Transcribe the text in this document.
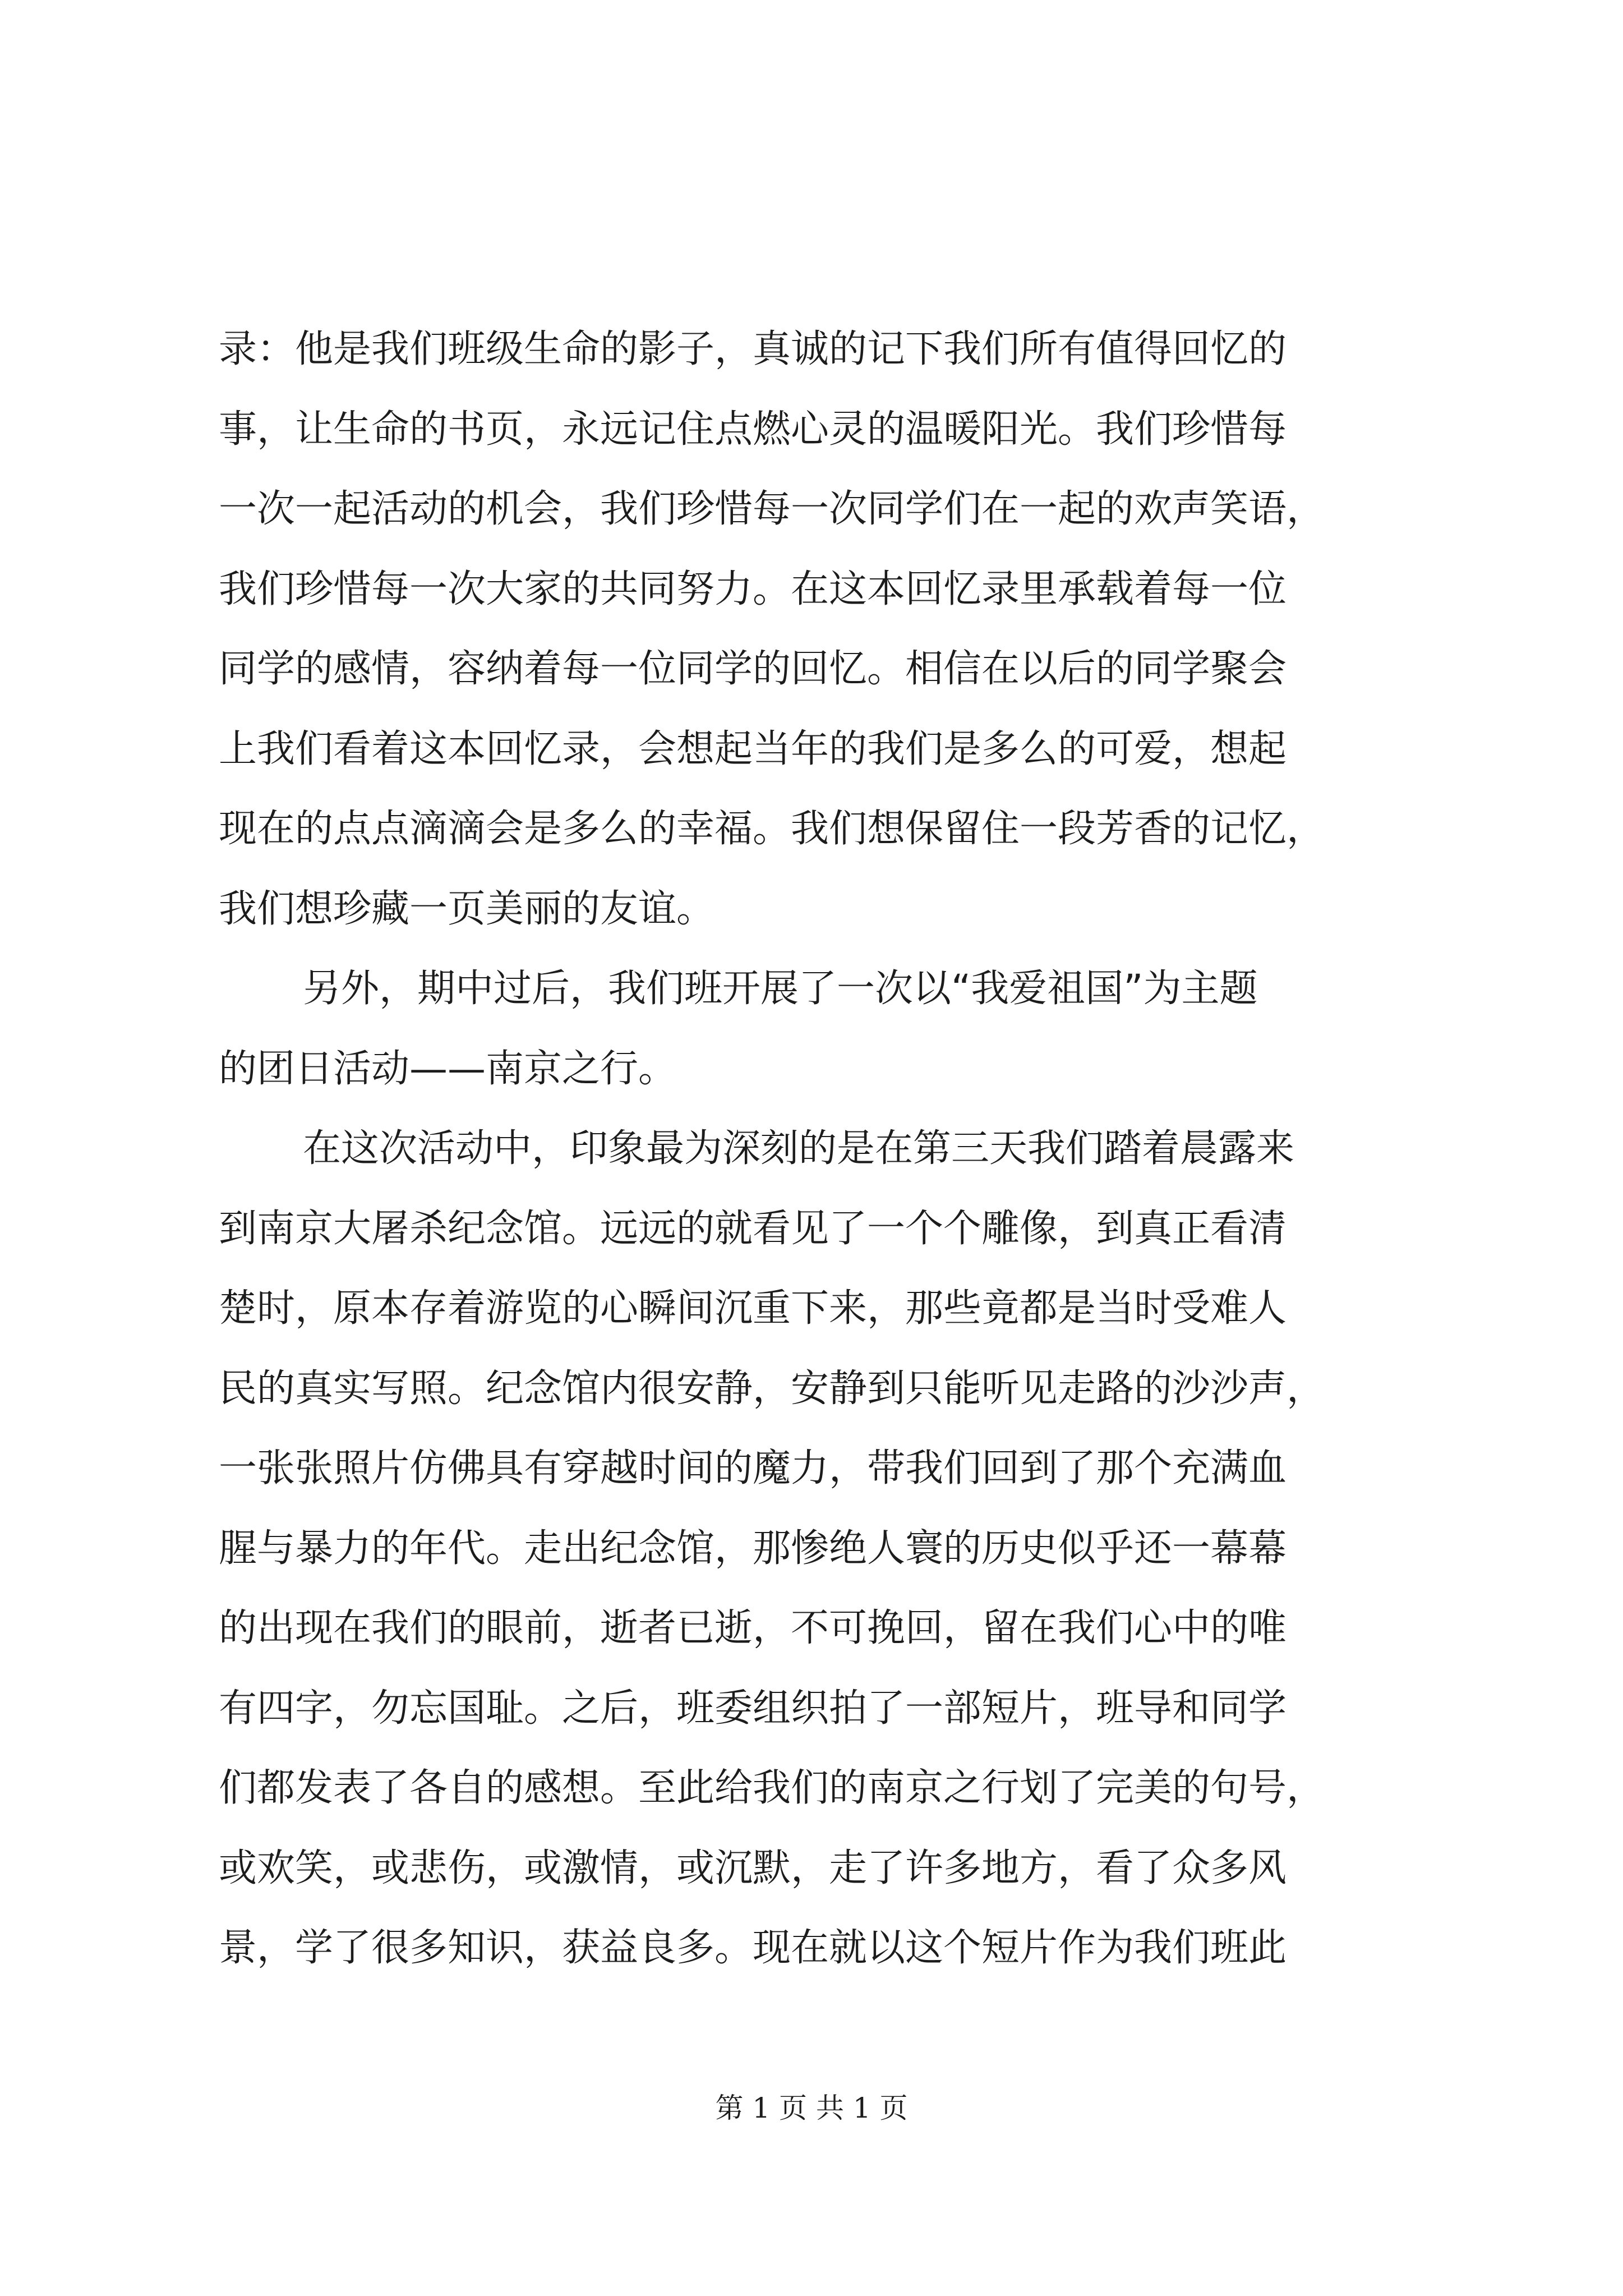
录：他是我们班级生命的影子，真诚的记下我们所有值得回忆的
事，让生命的书页，永远记住点燃心灵的温暖阳光。我们珍惜每
一次一起活动的机会，我们珍惜每一次同学们在一起的欢声笑语，
我们珍惜每一次大家的共同努力。在这本回忆录里承载着每一位
同学的感情，容纳着每一位同学的回忆。相信在以后的同学聚会
上我们看着这本回忆录，会想起当年的我们是多么的可爱，想起
现在的点点滴滴会是多么的幸福。我们想保留住一段芳香的记忆，
我们想珍藏一页美丽的友谊。
另外，期中过后，我们班开展了一次以“我爱祖国”为主题
的团日活动——南京之行。
在这次活动中，印象最为深刻的是在第三天我们踏着晨露来
到南京大屠杀纪念馆。远远的就看见了一个个雕像，到真正看清
楚时，原本存着游览的心瞬间沉重下来，那些竟都是当时受难人
民的真实写照。纪念馆内很安静，安静到只能听见走路的沙沙声，
一张张照片仿佛具有穿越时间的魔力，带我们回到了那个充满血
腥与暴力的年代。走出纪念馆，那惨绝人寰的历史似乎还一幕幕
的出现在我们的眼前，逝者已逝，不可挽回，留在我们心中的唯
有四字，勿忘国耻。之后，班委组织拍了一部短片，班导和同学
们都发表了各自的感想。至此给我们的南京之行划了完美的句号，
或欢笑，或悲伤，或激情，或沉默，走了许多地方，看了众多风
景，学了很多知识，获益良多。现在就以这个短片作为我们班此
第 1 页 共 1 页
